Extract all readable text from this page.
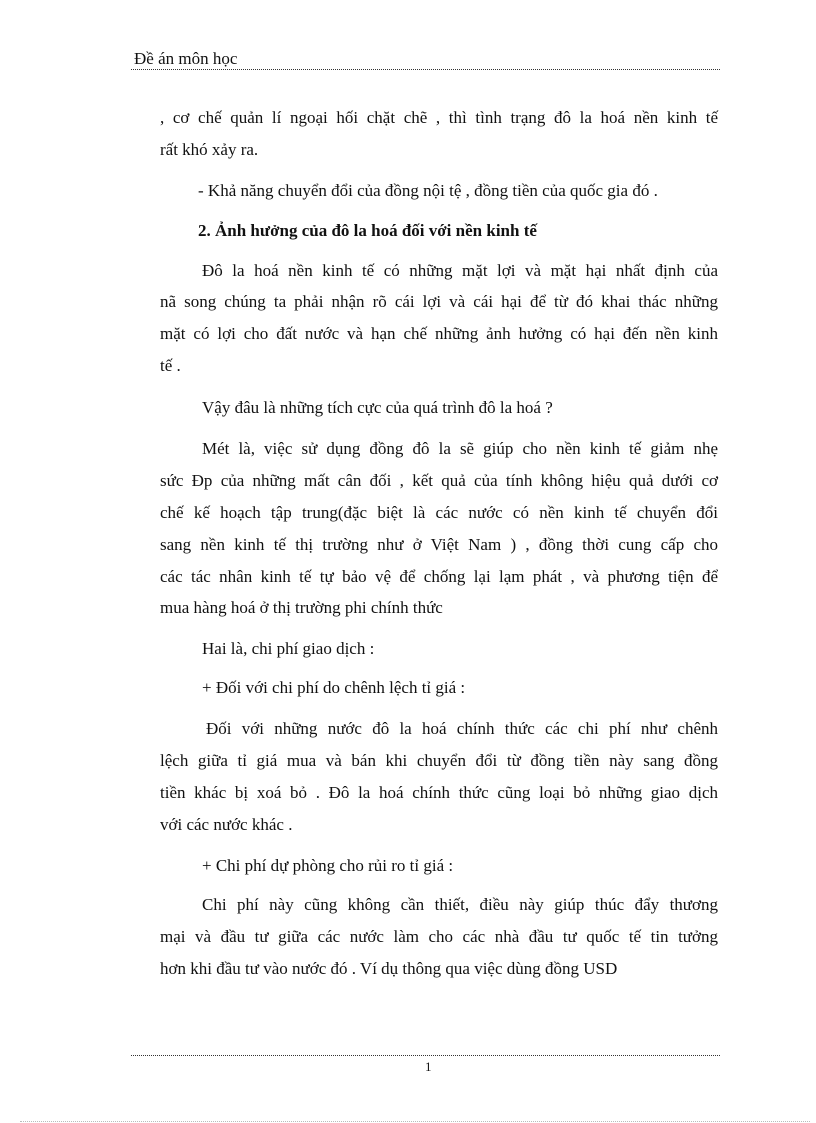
Đề án môn học
, cơ chế quản lí ngoại hối chặt chẽ , thì tình trạng đô la hoá nền kinh tế
rất khó xảy ra.
- Khả năng chuyển đổi của đồng nội tệ , đồng tiền của quốc gia đó .
2. Ảnh hưởng của đô la hoá đối với nền kinh tế
Đô la hoá nền kinh tế có những mặt lợi và mặt hại nhất định của
nã song chúng ta phải nhận rõ cái lợi và cái hại để từ đó khai thác những
mặt có lợi cho đất nước và hạn chế những ảnh hưởng có hại đến nền kinh
tế .
Vậy đâu là những tích cực của quá trình đô la hoá ?
Mét là, việc sử dụng đồng đô la sẽ giúp cho nền kinh tế giảm nhẹ
sức Ðp của những mất cân đối , kết quả của tính không hiệu quả dưới cơ
chế kế hoạch tập trung(đặc biệt là các nước có nền kinh tế chuyển đổi
sang nền kinh tế thị trường như ở Việt Nam ) , đồng thời cung cấp cho
các tác nhân kinh tế tự bảo vệ để chống lại lạm phát , và phương tiện để
mua hàng hoá ở thị trường phi chính thức
Hai là, chi phí giao dịch :
+ Đối với chi phí do chênh lệch tỉ giá :
Đối với những nước đô la hoá chính thức các chi phí như chênh
lệch giữa tỉ giá mua và bán khi chuyển đổi từ đồng tiền này sang đồng
tiền khác bị xoá bỏ . Đô la hoá chính thức cũng loại bỏ những giao dịch
với các nước khác .
+ Chi phí dự phòng cho rủi ro tỉ giá :
Chi phí này cũng không cần thiết, điều này giúp thúc đẩy thương
mại và đầu tư giữa các nước làm cho các nhà đầu tư quốc tế tin tưởng
hơn khi đầu tư vào nước đó . Ví dụ thông qua việc dùng đồng USD
1
